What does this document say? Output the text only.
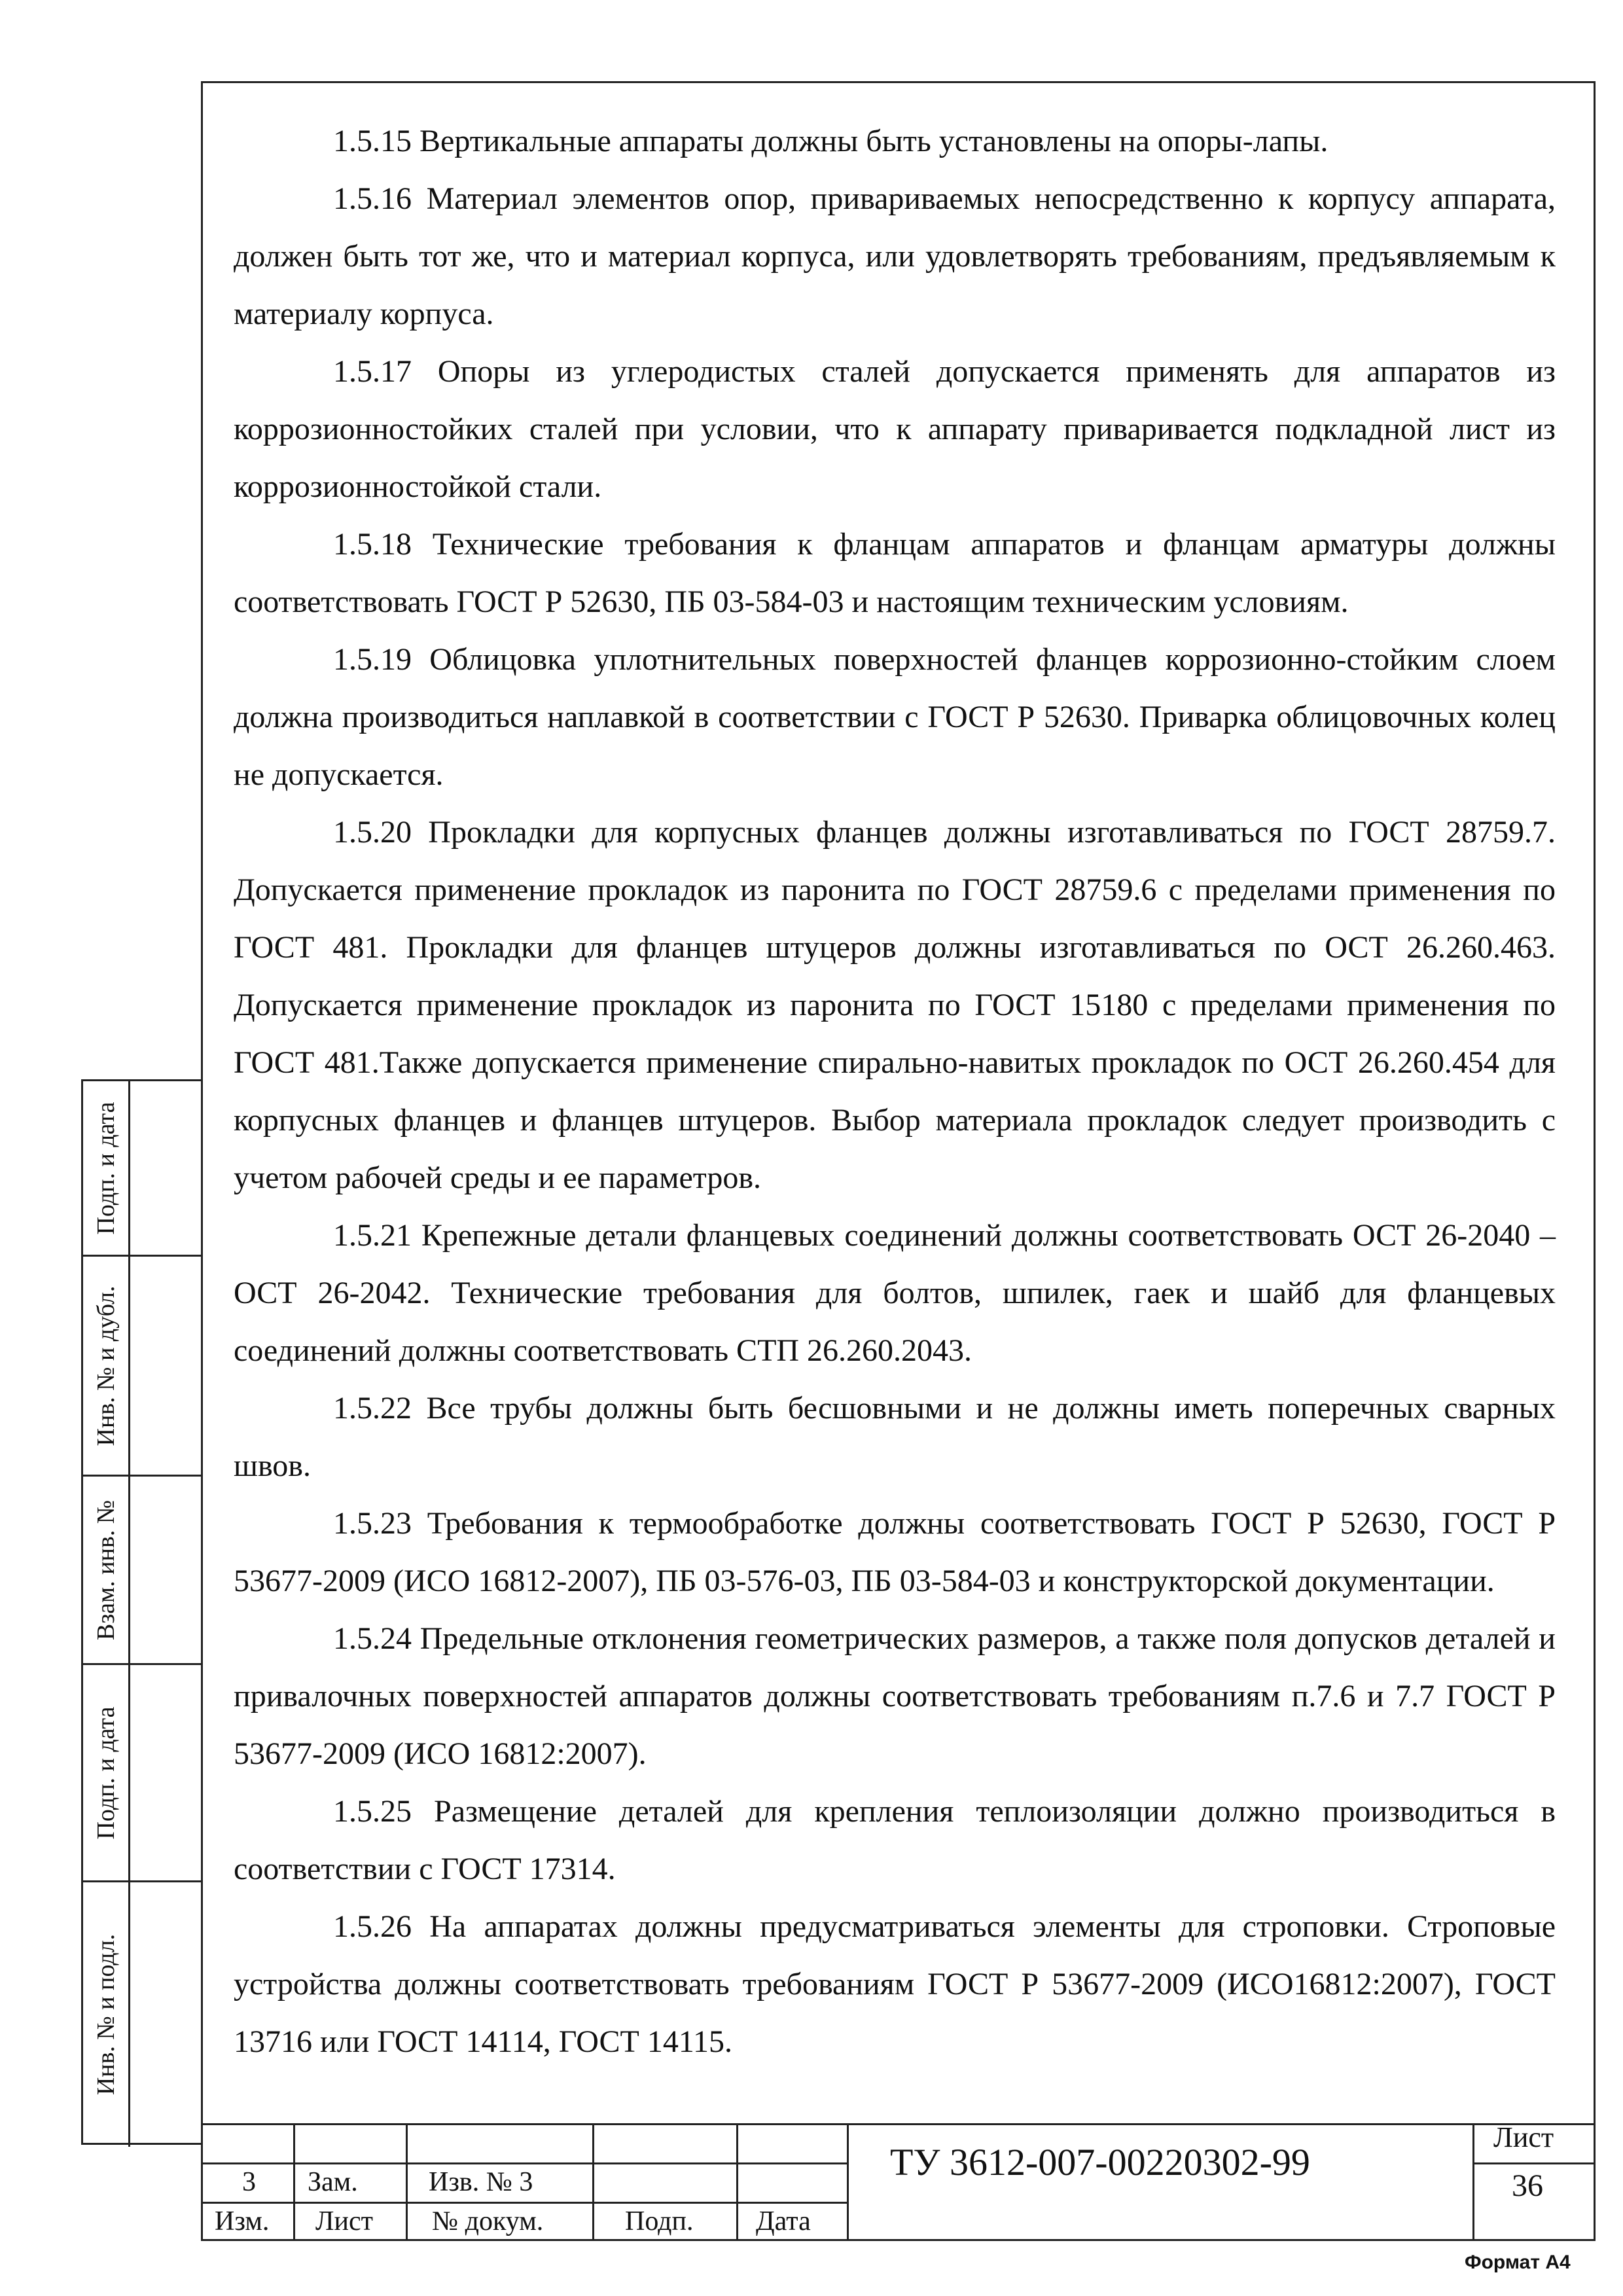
1.5.15 Вертикальные аппараты должны быть установлены на опоры-лапы.

1.5.16 Материал элементов опор, привариваемых непосредственно к корпусу аппарата, должен быть тот же, что и материал корпуса, или удовлетворять требованиям, предъявляемым к материалу корпуса.

1.5.17 Опоры из углеродистых сталей допускается применять для аппаратов из коррозионностойких сталей при условии, что к аппарату приваривается подкладной лист из коррозионностойкой стали.

1.5.18 Технические требования к фланцам аппаратов и фланцам арматуры должны соответствовать ГОСТ Р 52630, ПБ 03-584-03 и настоящим техническим условиям.

1.5.19 Облицовка уплотнительных поверхностей фланцев коррозионно-стойким слоем должна производиться наплавкой в соответствии с ГОСТ Р 52630. Приварка облицовочных колец не допускается.

1.5.20 Прокладки для корпусных фланцев должны изготавливаться по ГОСТ 28759.7. Допускается применение прокладок из паронита по ГОСТ 28759.6 с пределами применения по ГОСТ 481. Прокладки для фланцев штуцеров должны изготавливаться по ОСТ 26.260.463. Допускается применение прокладок из паронита по ГОСТ 15180 с пределами применения по ГОСТ 481.Также допускается применение спирально-навитых прокладок по ОСТ 26.260.454 для корпусных фланцев и фланцев штуцеров. Выбор материала прокладок следует производить с учетом рабочей среды и ее параметров.

1.5.21 Крепежные детали фланцевых соединений должны соответствовать ОСТ 26-2040 – ОСТ 26-2042. Технические требования для болтов, шпилек, гаек и шайб для фланцевых соединений должны соответствовать СТП 26.260.2043.

1.5.22 Все трубы должны быть бесшовными и не должны иметь поперечных сварных швов.

1.5.23 Требования к термообработке должны соответствовать ГОСТ Р 52630, ГОСТ Р 53677-2009 (ИСО 16812-2007), ПБ 03-576-03, ПБ 03-584-03 и конструкторской документации.

1.5.24 Предельные отклонения геометрических размеров, а также поля допусков деталей и привалочных поверхностей аппаратов должны соответствовать требованиям п.7.6 и 7.7 ГОСТ Р 53677-2009 (ИСО 16812:2007).

1.5.25 Размещение деталей для крепления теплоизоляции должно производиться в соответствии с ГОСТ 17314.

1.5.26 На аппаратах должны предусматриваться элементы для строповки. Строповые устройства должны соответствовать требованиям ГОСТ Р 53677-2009 (ИСО16812:2007), ГОСТ 13716 или ГОСТ 14114, ГОСТ 14115.

Подп. и дата
Инв. № и дубл.
Взам. инв. №
Подп. и дата
Инв. № и подл.
3 Зам.	Изв. № 3
Изм. Лист № докум.	Подп. Дата
ТУ 3612-007-00220302-99
Лист
36
Формат А4
